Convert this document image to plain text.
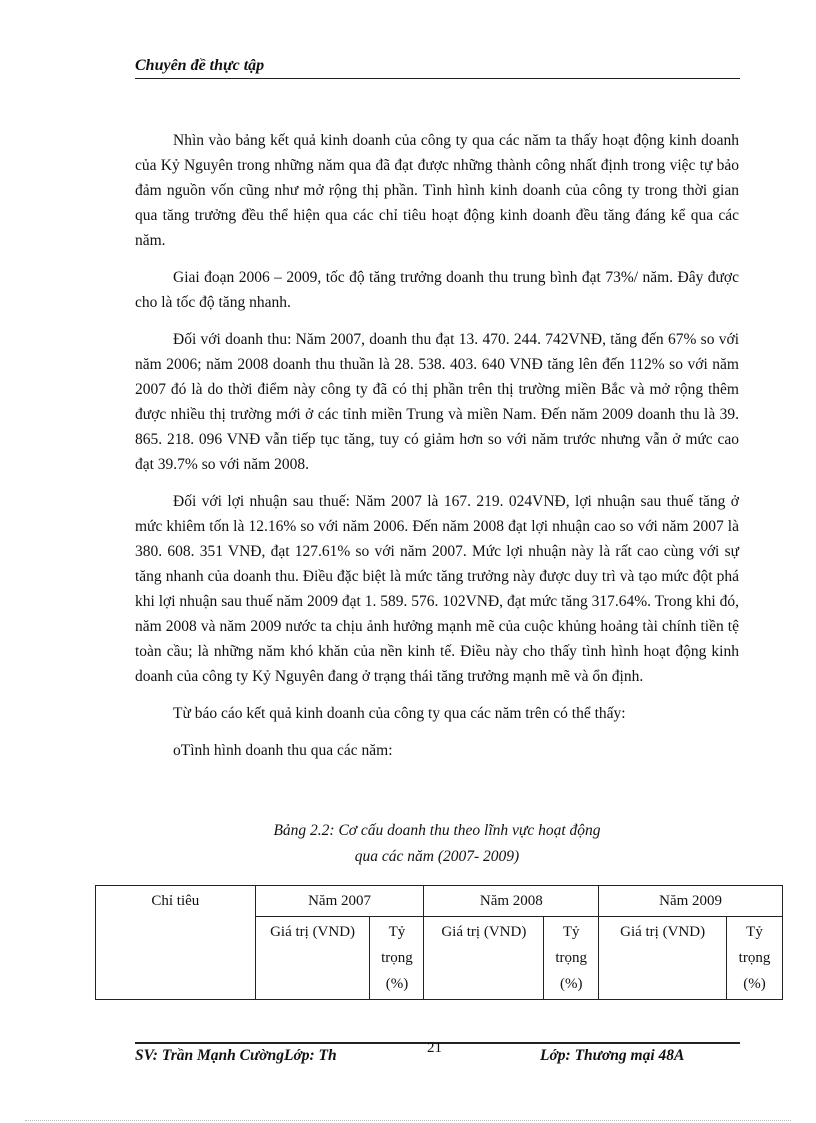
Chuyên đề thực tập

Nhìn vào bảng kết quả kinh doanh của công ty qua các năm ta thấy hoạt động kinh doanh của Kỷ Nguyên trong những năm qua đã đạt được những thành công nhất định trong việc tự bảo đảm nguồn vốn cũng như mở rộng thị phần. Tình hình kinh doanh của công ty trong thời gian qua tăng trưởng đều thể hiện qua các chỉ tiêu hoạt động kinh doanh đều tăng đáng kể qua các năm.

Giai đoạn 2006 – 2009, tốc độ tăng trưởng doanh thu trung bình đạt 73%/ năm. Đây được cho là tốc độ tăng nhanh.

Đối với doanh thu: Năm 2007, doanh thu đạt 13. 470. 244. 742VNĐ, tăng đến 67% so với năm 2006; năm 2008 doanh thu thuần là 28. 538. 403. 640 VNĐ tăng lên đến 112% so với năm 2007 đó là do thời điểm này công ty đã có thị phần trên thị trường miền Bắc và mở rộng thêm được nhiều thị trường mới ở các tỉnh miền Trung và miền Nam. Đến năm 2009 doanh thu là 39. 865. 218. 096 VNĐ vẫn tiếp tục tăng, tuy có giảm hơn so với năm trước nhưng vẫn ở mức cao đạt 39.7% so với năm 2008.

Đối với lợi nhuận sau thuế: Năm 2007 là 167. 219. 024VNĐ, lợi nhuận sau thuế tăng ở mức khiêm tốn là 12.16% so với năm 2006. Đến năm 2008 đạt lợi nhuận cao so với năm 2007 là 380. 608. 351 VNĐ, đạt 127.61% so với năm 2007. Mức lợi nhuận này là rất cao cùng với sự tăng nhanh của doanh thu. Điều đặc biệt là mức tăng trưởng này được duy trì và tạo mức đột phá khi lợi nhuận sau thuế năm 2009 đạt 1. 589. 576. 102VNĐ, đạt mức tăng 317.64%. Trong khi đó, năm 2008 và năm 2009 nước ta chịu ảnh hưởng mạnh mẽ của cuộc khủng hoảng tài chính tiền tệ toàn cầu; là những năm khó khăn của nền kinh tế. Điều này cho thấy tình hình hoạt động kinh doanh của công ty Kỷ Nguyên đang ở trạng thái tăng trưởng mạnh mẽ và ổn định.

Từ báo cáo kết quả kinh doanh của công ty qua các năm trên có thể thấy:

oTình hình doanh thu qua các năm:
Bảng 2.2: Cơ cấu doanh thu theo lĩnh vực hoạt động
qua các năm (2007- 2009)
Chỉ tiêu	Năm 2007		Năm 2008		Năm 2009	
	Giá trị (VND)	Tỷ trọng (%)	Giá trị (VND)	Tỷ trọng (%)	Giá trị (VND)	Tỷ trọng (%)
SV: Trần Mạnh CườngLớp: Th	21	Lớp: Thương mại 48A
